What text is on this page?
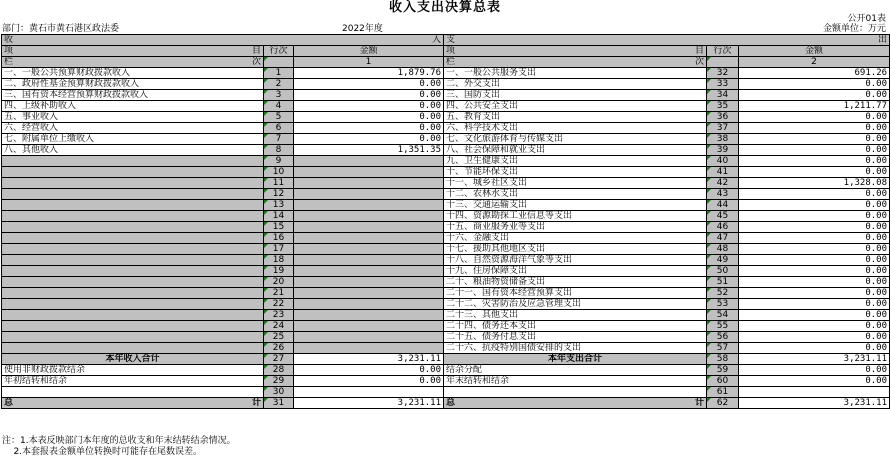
收入支出决算总表
公开01表
部门：黄石市黄石港区政法委	2022年度	金额单位：万元
收 入			支 出		

项 目	行次	金额	项 目	行次	金额

栏 次		1	栏 次		2
一、一般公共预算财政拨款收入	1	1,879.76	一、一般公共服务支出	32	691.26
二、政府性基金预算财政拨款收入	2	0.00	二、外交支出	33	0.00
三、国有资本经营预算财政拨款收入	3	0.00	三、国防支出	34	0.00
四、上级补助收入	4	0.00	四、公共安全支出	35	1,211.77
五、事业收入	5	0.00	五、教育支出	36	0.00
六、经营收入	6	0.00	六、科学技术支出	37	0.00
七、附属单位上缴收入	7	0.00	七、文化旅游体育与传媒支出	38	0.00
八、其他收入	8	1,351.35	八、社会保障和就业支出	39	0.00
	9		九、卫生健康支出	40	0.00
	10		十、节能环保支出	41	0.00
	11		十一、城乡社区支出	42	1,328.08
	12		十二、农林水支出	43	0.00
	13		十三、交通运输支出	44	0.00
	14		十四、资源勘探工业信息等支出	45	0.00
	15		十五、商业服务业等支出	46	0.00
	16		十六、金融支出	47	0.00
	17		十七、援助其他地区支出	48	0.00
	18		十八、自然资源海洋气象等支出	49	0.00
	19		十九、住房保障支出	50	0.00
	20		二十、粮油物资储备支出	51	0.00
	21		二十一、国有资本经营预算支出	52	0.00
	22		二十二、灾害防治及应急管理支出	53	0.00
	23		二十三、其他支出	54	0.00
	24		二十四、债务还本支出	55	0.00
	25		二十五、债务付息支出	56	0.00
	26		二十六、抗疫特别国债安排的支出	57	0.00
本年收入合计	27	3,231.11	本年支出合计	58	3,231.11
使用非财政拨款结余	28	0.00	结余分配	59	0.00
年初结转和结余	29	0.00	年末结转和结余	60	0.00
	30			61	

总 计	31	3,231.11	总 计	62	3,231.11
注：1.本表反映部门本年度的总收支和年末结转结余情况。
2.本套报表金额单位转换时可能存在尾数误差。
